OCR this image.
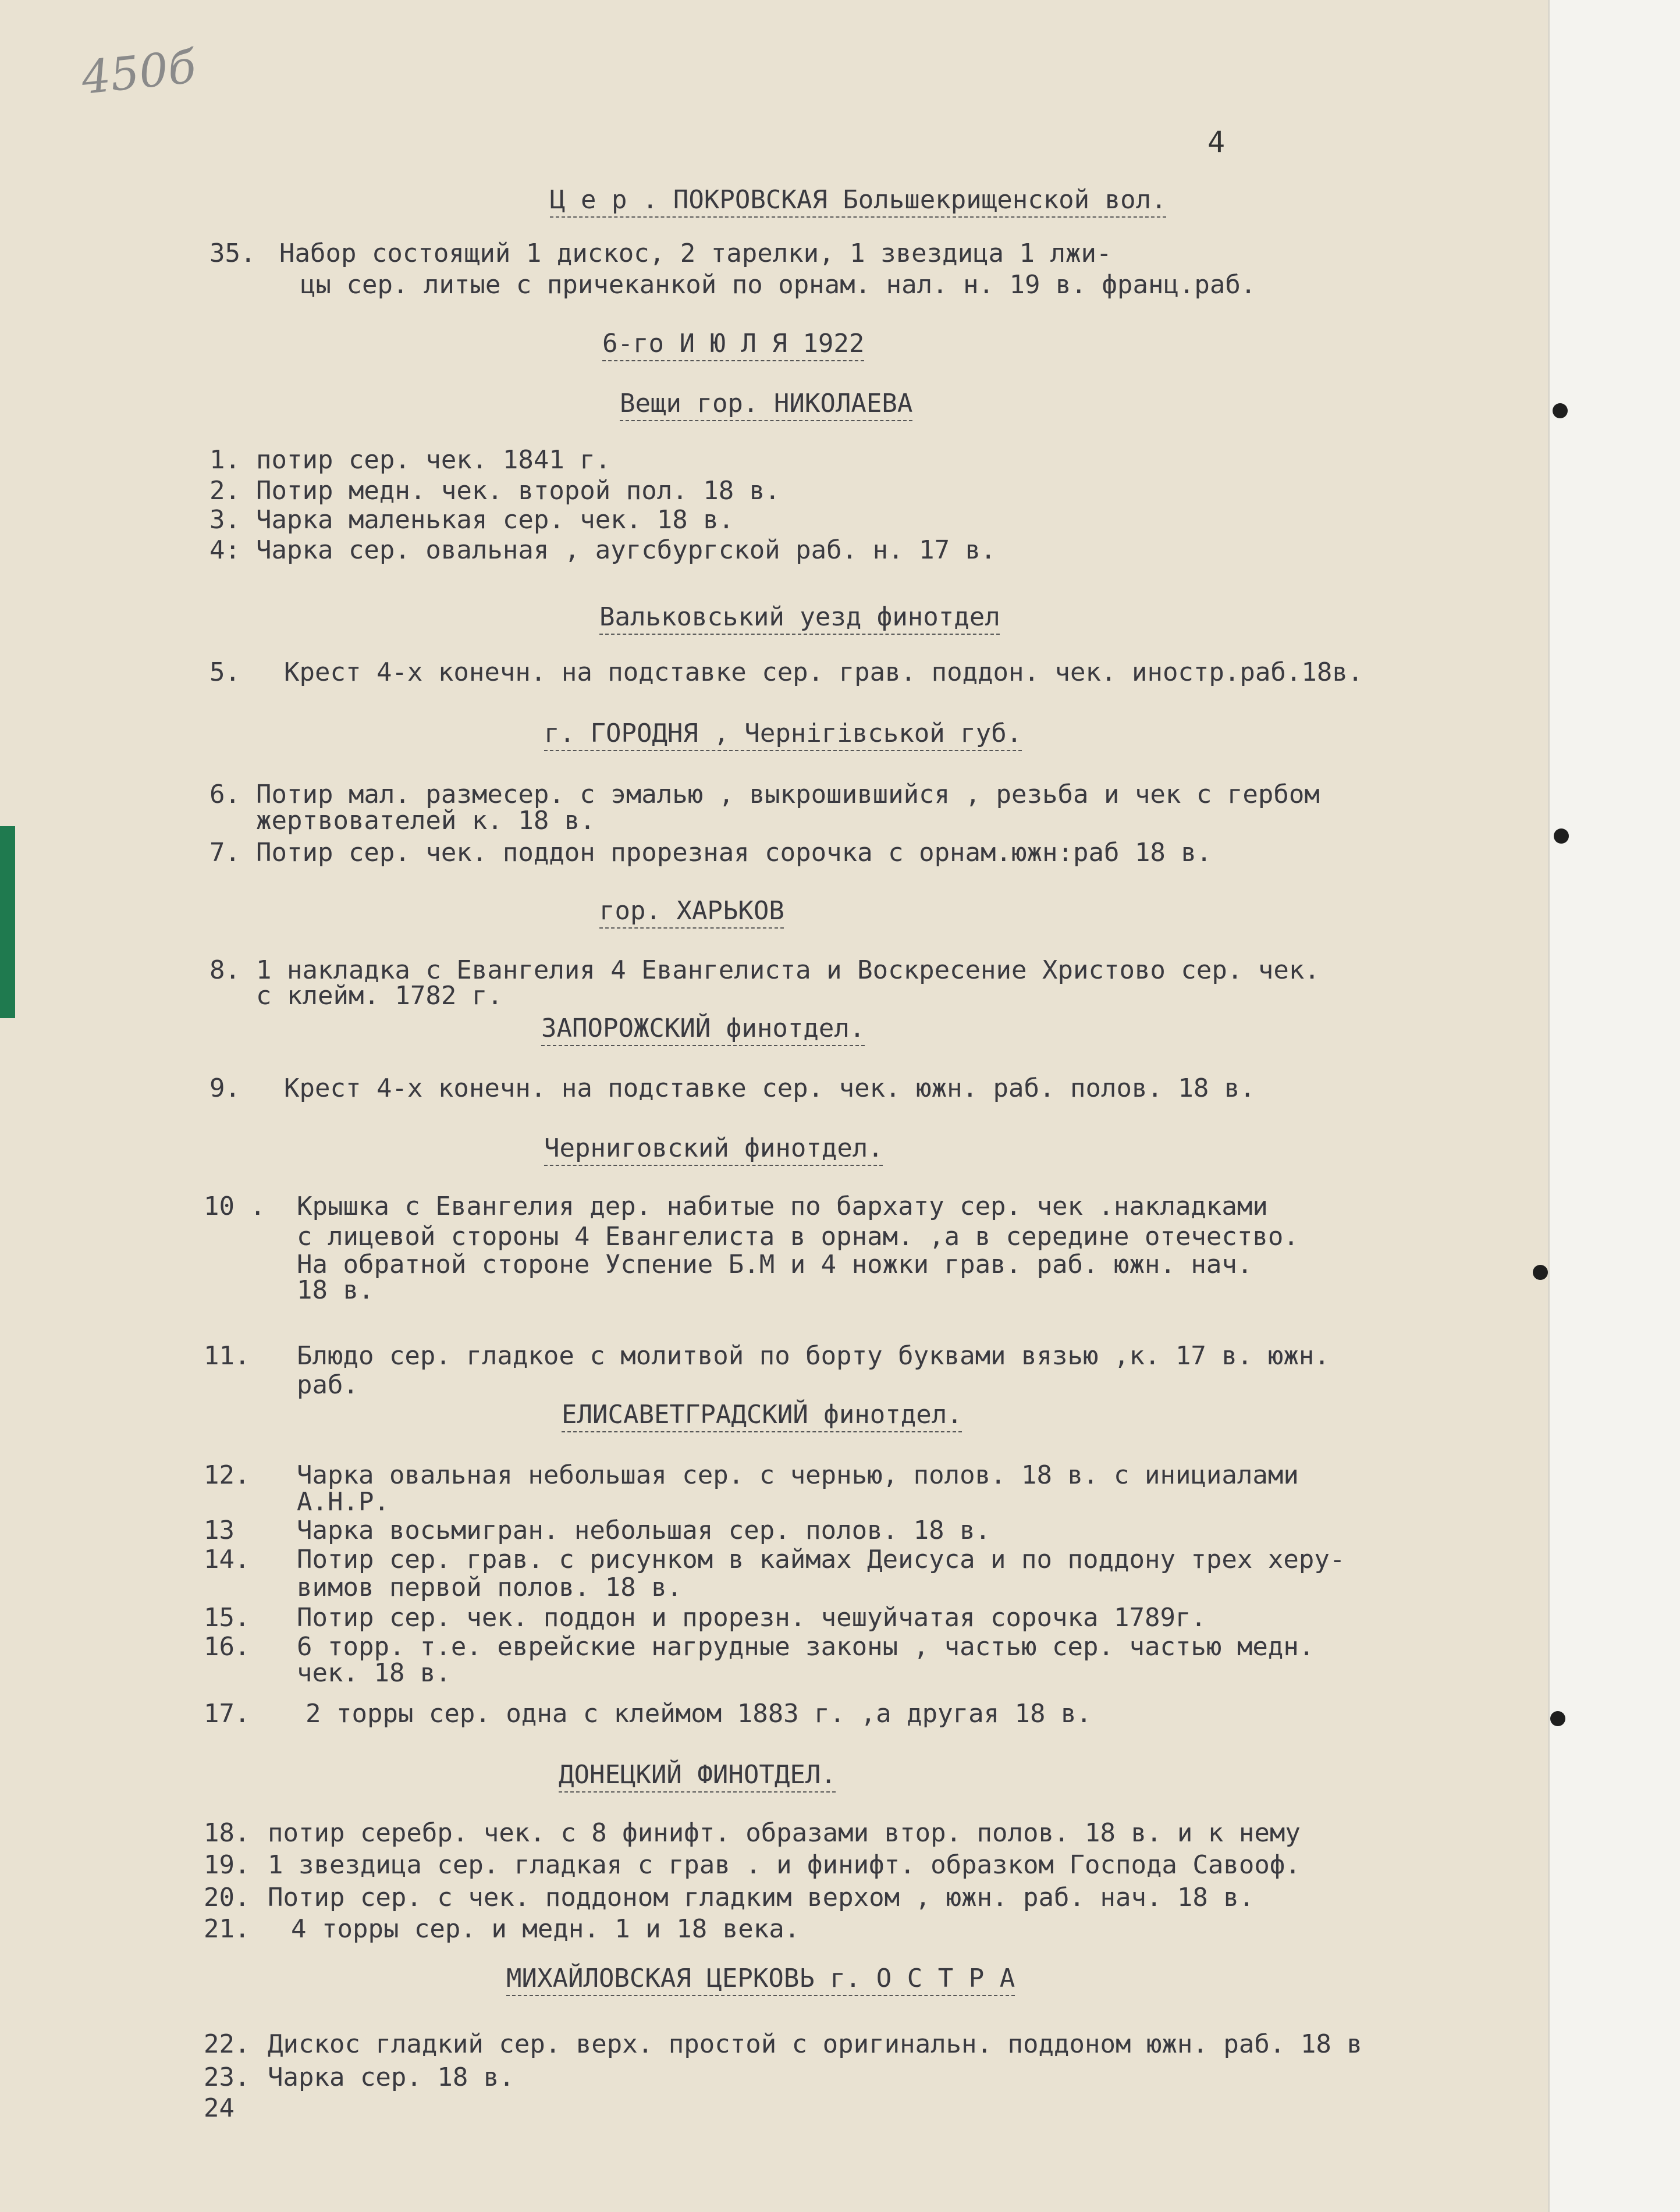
450б
4
Ц е р . ПОКРОВСКАЯ Большекрищенской вол.
6-го И Ю Л Я 1922
Вещи гор. НИКОЛАЕВА
Вальковський уезд финотдел
г. ГОРОДНЯ , Чернігівськой губ.
гор. ХАРЬКОВ
ЗАПОРОЖСКИЙ финотдел.
Черниговский финотдел.
ЕЛИСАВЕТГРАДСКИЙ финотдел.
ДОНЕЦКИЙ ФИНОТДЕЛ.
МИХАЙЛОВСКАЯ ЦЕРКОВЬ г. О С Т Р А
35. Набор состоящий 1 дискос, 2 тарелки, 1 звездица 1 лжи-
цы сер. литые с причеканкой по орнам. нал. н. 19 в. франц.раб.
1. потир сер. чек. 1841 г.
2. Потир медн. чек. второй пол. 18 в.
3. Чарка маленькая сер. чек. 18 в.
4: Чарка сер. овальная , аугсбургской раб. н. 17 в.
5. Крест 4-х конечн. на подставке сер. грав. поддон. чек. иностр.раб.18в.
6. Потир мал. размесер. с эмалью , выкрошившийся , резьба и чек с гербом
жертвователей к. 18 в.
7. Потир сер. чек. поддон прорезная сорочка с орнам.южн:раб 18 в.
8. 1 накладка с Евангелия 4 Евангелиста и Воскресение Христово сер. чек.
с клейм. 1782 г.
9. Крест 4-х конечн. на подставке сер. чек. южн. раб. полов. 18 в.
10 . Крышка с Евангелия дер. набитые по бархату сер. чек .накладками
с лицевой стороны 4 Евангелиста в орнам. ,а в середине отечество.
На обратной стороне Успение Б.М и 4 ножки грав. раб. южн. нач.
18 в.
11. Блюдо сер. гладкое с молитвой по борту буквами вязью ,к. 17 в. южн.
раб.
12. Чарка овальная небольшая сер. с чернью, полов. 18 в. с инициалами
А.Н.Р.
13 Чарка восьмигран. небольшая сер. полов. 18 в.
14. Потир сер. грав. с рисунком в каймах Деисуса и по поддону трех херу-
вимов первой полов. 18 в.
15. Потир сер. чек. поддон и прорезн. чешуйчатая сорочка 1789г.
16. 6 торр. т.е. еврейские нагрудные законы , частью сер. частью медн.
чек. 18 в.
17. 2 торры сер. одна с клеймом 1883 г. ,а другая 18 в.
18. потир серебр. чек. с 8 финифт. образами втор. полов. 18 в. и к нему
19. 1 звездица сер. гладкая с грав . и финифт. образком Господа Савооф.
20. Потир сер. с чек. поддоном гладким верхом , южн. раб. нач. 18 в.
21. 4 торры сер. и медн. 1 и 18 века.
22. Дискос гладкий сер. верх. простой с оригинальн. поддоном южн. раб. 18 в
23. Чарка сер. 18 в.
24
